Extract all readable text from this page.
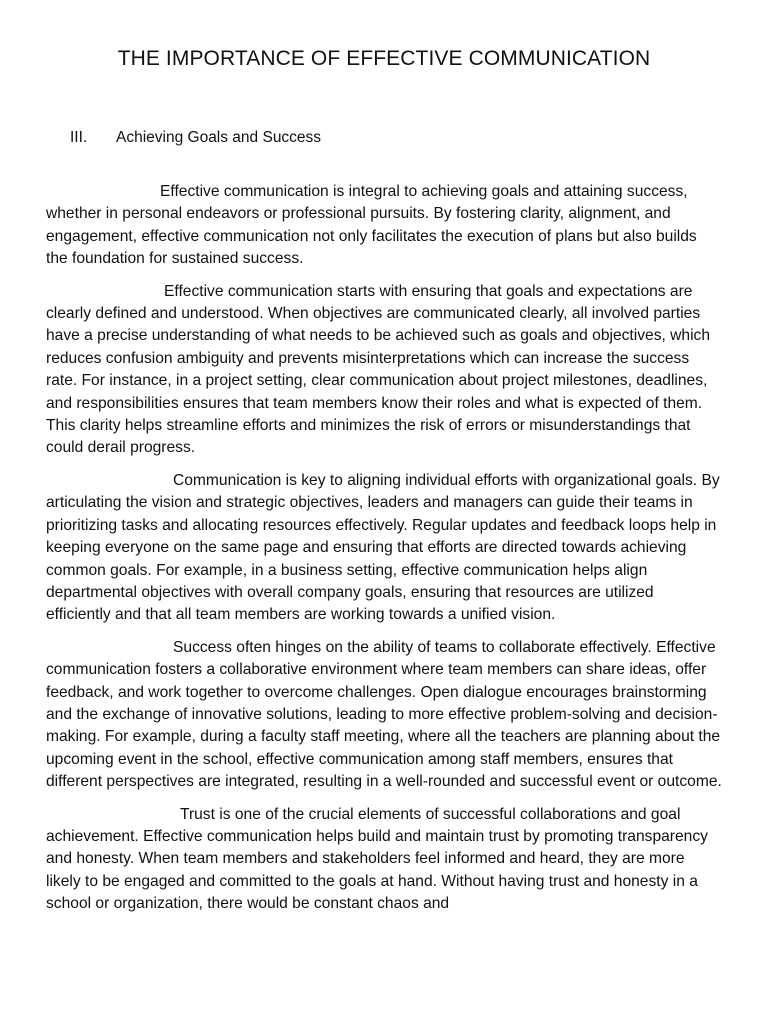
THE IMPORTANCE OF EFFECTIVE COMMUNICATION
III. Achieving Goals and Success

Effective communication is integral to achieving goals and attaining success, whether in personal endeavors or professional pursuits. By fostering clarity, alignment, and engagement, effective communication not only facilitates the execution of plans but also builds the foundation for sustained success.

Effective communication starts with ensuring that goals and expectations are clearly defined and understood. When objectives are communicated clearly, all involved parties have a precise understanding of what needs to be achieved such as goals and objectives, which reduces confusion ambiguity and prevents misinterpretations which can increase the success rate. For instance, in a project setting, clear communication about project milestones, deadlines, and responsibilities ensures that team members know their roles and what is expected of them. This clarity helps streamline efforts and minimizes the risk of errors or misunderstandings that could derail progress.

Communication is key to aligning individual efforts with organizational goals. By articulating the vision and strategic objectives, leaders and managers can guide their teams in prioritizing tasks and allocating resources effectively. Regular updates and feedback loops help in keeping everyone on the same page and ensuring that efforts are directed towards achieving common goals. For example, in a business setting, effective communication helps align departmental objectives with overall company goals, ensuring that resources are utilized efficiently and that all team members are working towards a unified vision.

Success often hinges on the ability of teams to collaborate effectively. Effective communication fosters a collaborative environment where team members can share ideas, offer feedback, and work together to overcome challenges. Open dialogue encourages brainstorming and the exchange of innovative solutions, leading to more effective problem-solving and decision-making. For example, during a faculty staff meeting, where all the teachers are planning about the upcoming event in the school, effective communication among staff members, ensures that different perspectives are integrated, resulting in a well-rounded and successful event or outcome.

Trust is one of the crucial elements of successful collaborations and goal achievement. Effective communication helps build and maintain trust by promoting transparency and honesty. When team members and stakeholders feel informed and heard, they are more likely to be engaged and committed to the goals at hand. Without having trust and honesty in a school or organization, there would be constant chaos and
